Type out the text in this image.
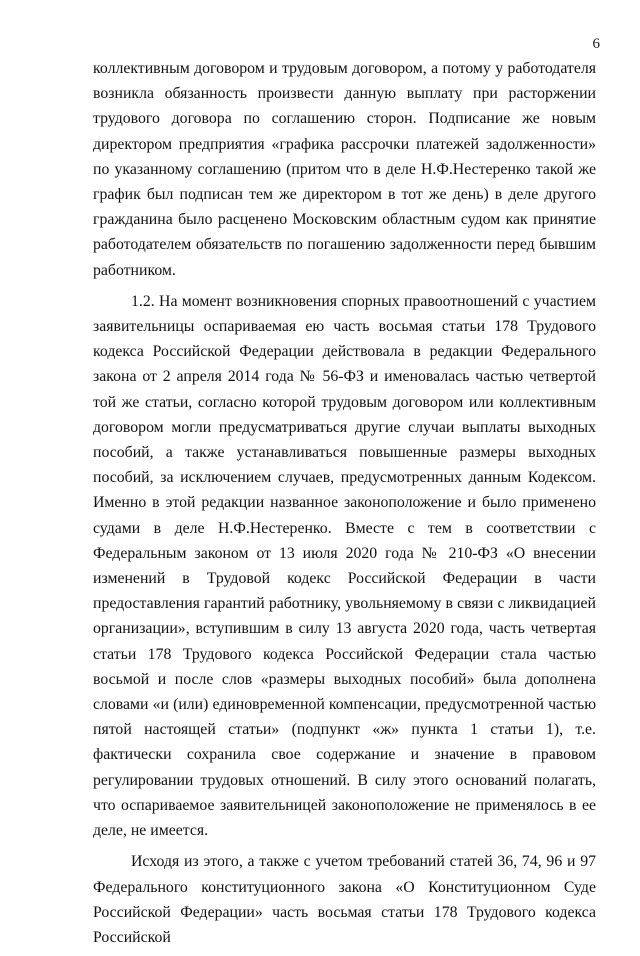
6

коллективным договором и трудовым договором, а потому у работодателя возникла обязанность произвести данную выплату при расторжении трудового договора по соглашению сторон. Подписание же новым директором предприятия «графика рассрочки платежей задолженности» по указанному соглашению (притом что в деле Н.Ф.Нестеренко такой же график был подписан тем же директором в тот же день) в деле другого гражданина было расценено Московским областным судом как принятие работодателем обязательств по погашению задолженности перед бывшим работником.

1.2. На момент возникновения спорных правоотношений с участием заявительницы оспариваемая ею часть восьмая статьи 178 Трудового кодекса Российской Федерации действовала в редакции Федерального закона от 2 апреля 2014 года № 56-ФЗ и именовалась частью четвертой той же статьи, согласно которой трудовым договором или коллективным договором могли предусматриваться другие случаи выплаты выходных пособий, а также устанавливаться повышенные размеры выходных пособий, за исключением случаев, предусмотренных данным Кодексом. Именно в этой редакции названное законоположение и было применено судами в деле Н.Ф.Нестеренко. Вместе с тем в соответствии с Федеральным законом от 13 июля 2020 года № 210-ФЗ «О внесении изменений в Трудовой кодекс Российской Федерации в части предоставления гарантий работнику, увольняемому в связи с ликвидацией организации», вступившим в силу 13 августа 2020 года, часть четвертая статьи 178 Трудового кодекса Российской Федерации стала частью восьмой и после слов «размеры выходных пособий» была дополнена словами «и (или) единовременной компенсации, предусмотренной частью пятой настоящей статьи» (подпункт «ж» пункта 1 статьи 1), т.е. фактически сохранила свое содержание и значение в правовом регулировании трудовых отношений. В силу этого оснований полагать, что оспариваемое заявительницей законоположение не применялось в ее деле, не имеется.

Исходя из этого, а также с учетом требований статей 36, 74, 96 и 97 Федерального конституционного закона «О Конституционном Суде Российской Федерации» часть восьмая статьи 178 Трудового кодекса Российской
